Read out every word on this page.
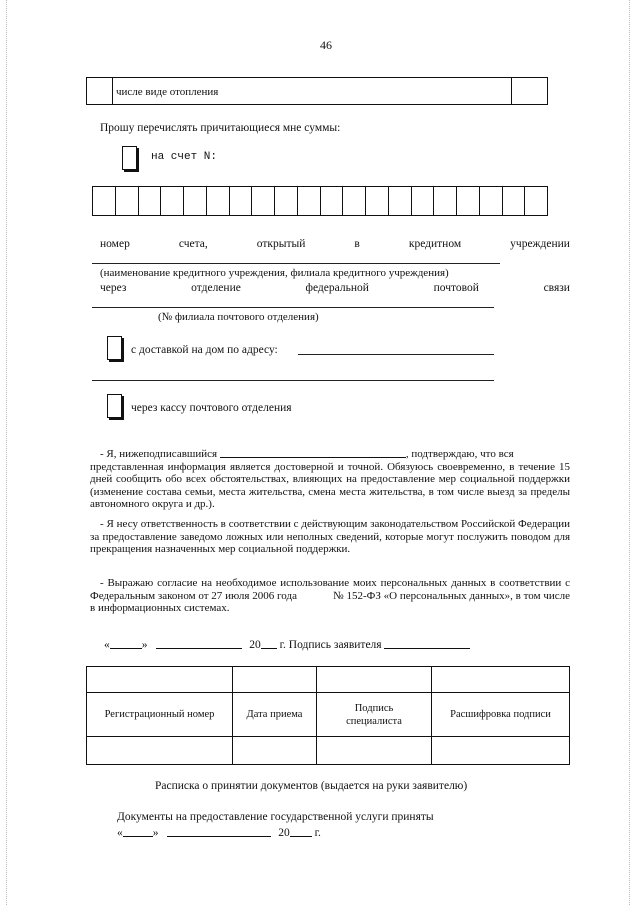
46
числе виде отопления
Прошу перечислять причитающиеся мне суммы:
на счет N:

номер	счета,	открытый	в	кредитном	учреждении
(наименование кредитного учреждения, филиала кредитного учреждения)
через	отделение	федеральной	почтовой	связи
(№ филиала почтового отделения)
с доставкой на дом по адресу:
через кассу почтового отделения
- Я, нижеподписавшийся	, подтверждаю, что вся
представленная информация является достоверной и точной. Обязуюсь своевременно, в течение 15 дней сообщить обо всех обстоятельствах, влияющих на предоставление мер социальной поддержки (изменение состава семьи, места жительства, смена места жительства, в том числе выезд за пределы автономного округа и др.).
- Я несу ответственность в соответствии с действующим законодательством Российской Федерации за предоставление заведомо ложных или неполных сведений, которые могут послужить поводом для прекращения назначенных мер социальной поддержки.
- Выражаю согласие на необходимое использование моих персональных данных в соответствии с Федеральным законом от 27 июля 2006 года             № 152-ФЗ «О персональных данных», в том числе в информационных системах.
«	»	20 г. Подпись заявителя

Регистрационный номер	Дата приема	Подпись специалиста	Расшифровка подписи

Расписка о принятии документов (выдается на руки заявителю)
Документы на предоставление государственной услуги приняты
«	»	20 г.
